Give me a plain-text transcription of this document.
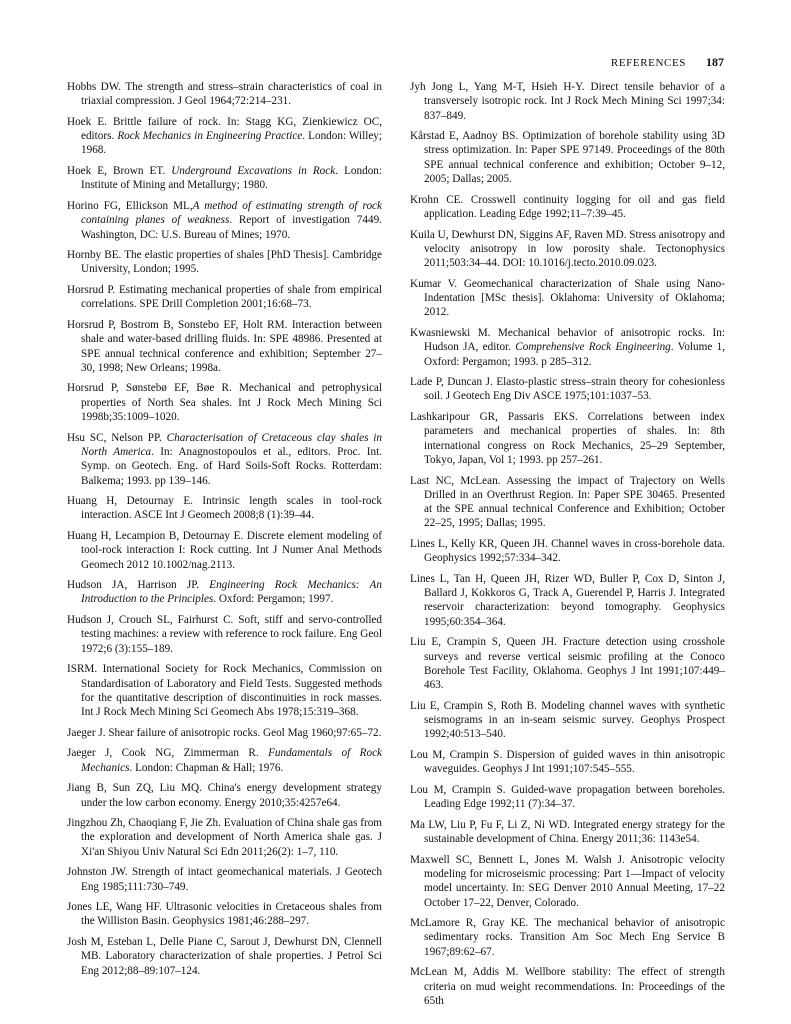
REFERENCES 187

Hobbs DW. The strength and stress–strain characteristics of coal in triaxial compression. J Geol 1964;72:214–231.

Hoek E. Brittle failure of rock. In: Stagg KG, Zienkiewicz OC, editors. Rock Mechanics in Engineering Practice. London: Willey; 1968.

Hoek E, Brown ET. Underground Excavations in Rock. London: Institute of Mining and Metallurgy; 1980.

Horino FG, Ellickson ML,A method of estimating strength of rock containing planes of weakness. Report of investigation 7449. Washington, DC: U.S. Bureau of Mines; 1970.

Hornby BE. The elastic properties of shales [PhD Thesis]. Cambridge University, London; 1995.

Horsrud P. Estimating mechanical properties of shale from empirical correlations. SPE Drill Completion 2001;16:68–73.

Horsrud P, Bostrom B, Sonstebo EF, Holt RM. Interaction between shale and water-based drilling fluids. In: SPE 48986. Presented at SPE annual technical conference and exhibition; September 27–30, 1998; New Orleans; 1998a.

Horsrud P, Sønstebø EF, Bøe R. Mechanical and petrophysical properties of North Sea shales. Int J Rock Mech Mining Sci 1998b;35:1009–1020.

Hsu SC, Nelson PP. Characterisation of Cretaceous clay shales in North America. In: Anagnostopoulos et al., editors. Proc. Int. Symp. on Geotech. Eng. of Hard Soils-Soft Rocks. Rotterdam: Balkema; 1993. pp 139–146.

Huang H, Detournay E. Intrinsic length scales in tool-rock interaction. ASCE Int J Geomech 2008;8 (1):39–44.

Huang H, Lecampion B, Detournay E. Discrete element modeling of tool-rock interaction I: Rock cutting. Int J Numer Anal Methods Geomech 2012 10.1002/nag.2113.

Hudson JA, Harrison JP. Engineering Rock Mechanics: An Introduction to the Principles. Oxford: Pergamon; 1997.

Hudson J, Crouch SL, Fairhurst C. Soft, stiff and servo-controlled testing machines: a review with reference to rock failure. Eng Geol 1972;6 (3):155–189.

ISRM. International Society for Rock Mechanics, Commission on Standardisation of Laboratory and Field Tests. Suggested methods for the quantitative description of discontinuities in rock masses. Int J Rock Mech Mining Sci Geomech Abs 1978;15:319–368.

Jaeger J. Shear failure of anisotropic rocks. Geol Mag 1960;97:65–72.

Jaeger J, Cook NG, Zimmerman R. Fundamentals of Rock Mechanics. London: Chapman & Hall; 1976.

Jiang B, Sun ZQ, Liu MQ. China's energy development strategy under the low carbon economy. Energy 2010;35:4257e64.

Jingzhou Zh, Chaoqiang F, Jie Zh. Evaluation of China shale gas from the exploration and development of North America shale gas. J Xi'an Shiyou Univ Natural Sci Edn 2011;26(2): 1–7, 110.

Johnston JW. Strength of intact geomechanical materials. J Geotech Eng 1985;111:730–749.

Jones LE, Wang HF. Ultrasonic velocities in Cretaceous shales from the Williston Basin. Geophysics 1981;46:288–297.

Josh M, Esteban L, Delle Piane C, Sarout J, Dewhurst DN, Clennell MB. Laboratory characterization of shale properties. J Petrol Sci Eng 2012;88–89:107–124.

Jyh Jong L, Yang M-T, Hsieh H-Y. Direct tensile behavior of a transversely isotropic rock. Int J Rock Mech Mining Sci 1997;34: 837–849.

Kårstad E, Aadnoy BS. Optimization of borehole stability using 3D stress optimization. In: Paper SPE 97149. Proceedings of the 80th SPE annual technical conference and exhibition; October 9–12, 2005; Dallas; 2005.

Krohn CE. Crosswell continuity logging for oil and gas field application. Leading Edge 1992;11–7:39–45.

Kuila U, Dewhurst DN, Siggins AF, Raven MD. Stress anisotropy and velocity anisotropy in low porosity shale. Tectonophysics 2011;503:34–44. DOI: 10.1016/j.tecto.2010.09.023.

Kumar V. Geomechanical characterization of Shale using Nano-Indentation [MSc thesis]. Oklahoma: University of Oklahoma; 2012.

Kwasniewski M. Mechanical behavior of anisotropic rocks. In: Hudson JA, editor. Comprehensive Rock Engineering. Volume 1, Oxford: Pergamon; 1993. p 285–312.

Lade P, Duncan J. Elasto-plastic stress–strain theory for cohesionless soil. J Geotech Eng Div ASCE 1975;101:1037–53.

Lashkaripour GR, Passaris EKS. Correlations between index parameters and mechanical properties of shales. In: 8th international congress on Rock Mechanics, 25–29 September, Tokyo, Japan, Vol 1; 1993. pp 257–261.

Last NC, McLean. Assessing the impact of Trajectory on Wells Drilled in an Overthrust Region. In: Paper SPE 30465. Presented at the SPE annual technical Conference and Exhibition; October 22–25, 1995; Dallas; 1995.

Lines L, Kelly KR, Queen JH. Channel waves in cross-borehole data. Geophysics 1992;57:334–342.

Lines L, Tan H, Queen JH, Rizer WD, Buller P, Cox D, Sinton J, Ballard J, Kokkoros G, Track A, Guerendel P, Harris J. Integrated reservoir characterization: beyond tomography. Geophysics 1995;60:354–364.

Liu E, Crampin S, Queen JH. Fracture detection using crosshole surveys and reverse vertical seismic profiling at the Conoco Borehole Test Facility, Oklahoma. Geophys J Int 1991;107:449–463.

Liu E, Crampin S, Roth B. Modeling channel waves with synthetic seismograms in an in-seam seismic survey. Geophys Prospect 1992;40:513–540.

Lou M, Crampin S. Dispersion of guided waves in thin anisotropic waveguides. Geophys J Int 1991;107:545–555.

Lou M, Crampin S. Guided-wave propagation between boreholes. Leading Edge 1992;11 (7):34–37.

Ma LW, Liu P, Fu F, Li Z, Ni WD. Integrated energy strategy for the sustainable development of China. Energy 2011;36: 1143e54.

Maxwell SC, Bennett L, Jones M. Walsh J. Anisotropic velocity modeling for microseismic processing: Part 1—Impact of velocity model uncertainty. In: SEG Denver 2010 Annual Meeting, 17–22 October 17–22, Denver, Colorado.

McLamore R, Gray KE. The mechanical behavior of anisotropic sedimentary rocks. Transition Am Soc Mech Eng Service B 1967;89:62–67.

McLean M, Addis M. Wellbore stability: The effect of strength criteria on mud weight recommendations. In: Proceedings of the 65th
